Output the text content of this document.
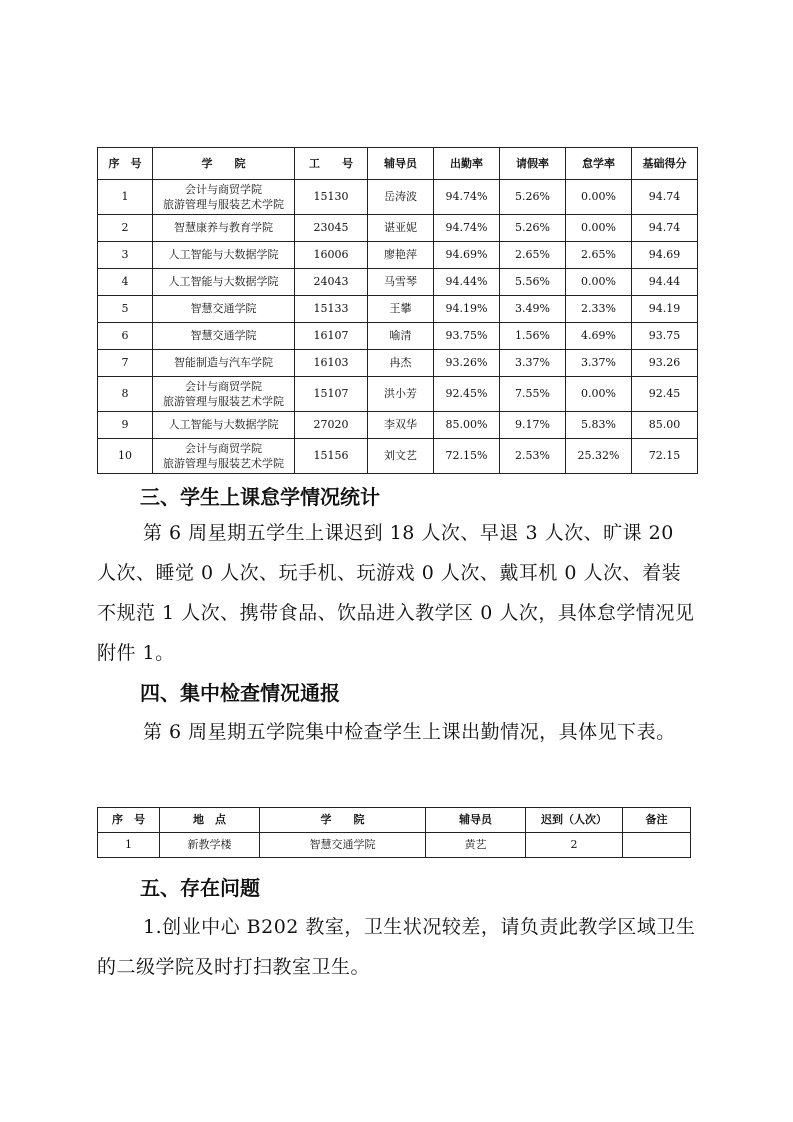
序　号	学　　院	工　　号	辅导员	出勤率	请假率	怠学率	基础得分
1	会计与商贸学院
旅游管理与服装艺术学院	15130	岳涛波	94.74%	5.26%	0.00%	94.74
2	智慧康养与教育学院	23045	谌亚妮	94.74%	5.26%	0.00%	94.74
3	人工智能与大数据学院	16006	廖艳萍	94.69%	2.65%	2.65%	94.69
4	人工智能与大数据学院	24043	马雪琴	94.44%	5.56%	0.00%	94.44
5	智慧交通学院	15133	王攀	94.19%	3.49%	2.33%	94.19
6	智慧交通学院	16107	喻清	93.75%	1.56%	4.69%	93.75
7	智能制造与汽车学院	16103	冉杰	93.26%	3.37%	3.37%	93.26
8	会计与商贸学院
旅游管理与服装艺术学院	15107	洪小芳	92.45%	7.55%	0.00%	92.45
9	人工智能与大数据学院	27020	李双华	85.00%	9.17%	5.83%	85.00
10	会计与商贸学院
旅游管理与服装艺术学院	15156	刘文艺	72.15%	2.53%	25.32%	72.15
三、学生上课怠学情况统计

第 6 周星期五学生上课迟到 18 人次、早退 3 人次、旷课 20 人次、睡觉 0 人次、玩手机、玩游戏 0 人次、戴耳机 0 人次、着装不规范 1 人次、携带食品、饮品进入教学区 0 人次，具体怠学情况见附件 1。

四、集中检查情况通报

第 6 周星期五学院集中检查学生上课出勤情况，具体见下表。

序　号	地　点	学　　院	辅导员	迟到（人次）	备注
1	新教学楼	智慧交通学院	黄艺	2	
五、存在问题

1.创业中心 B202 教室，卫生状况较差，请负责此教学区域卫生的二级学院及时打扫教室卫生。
